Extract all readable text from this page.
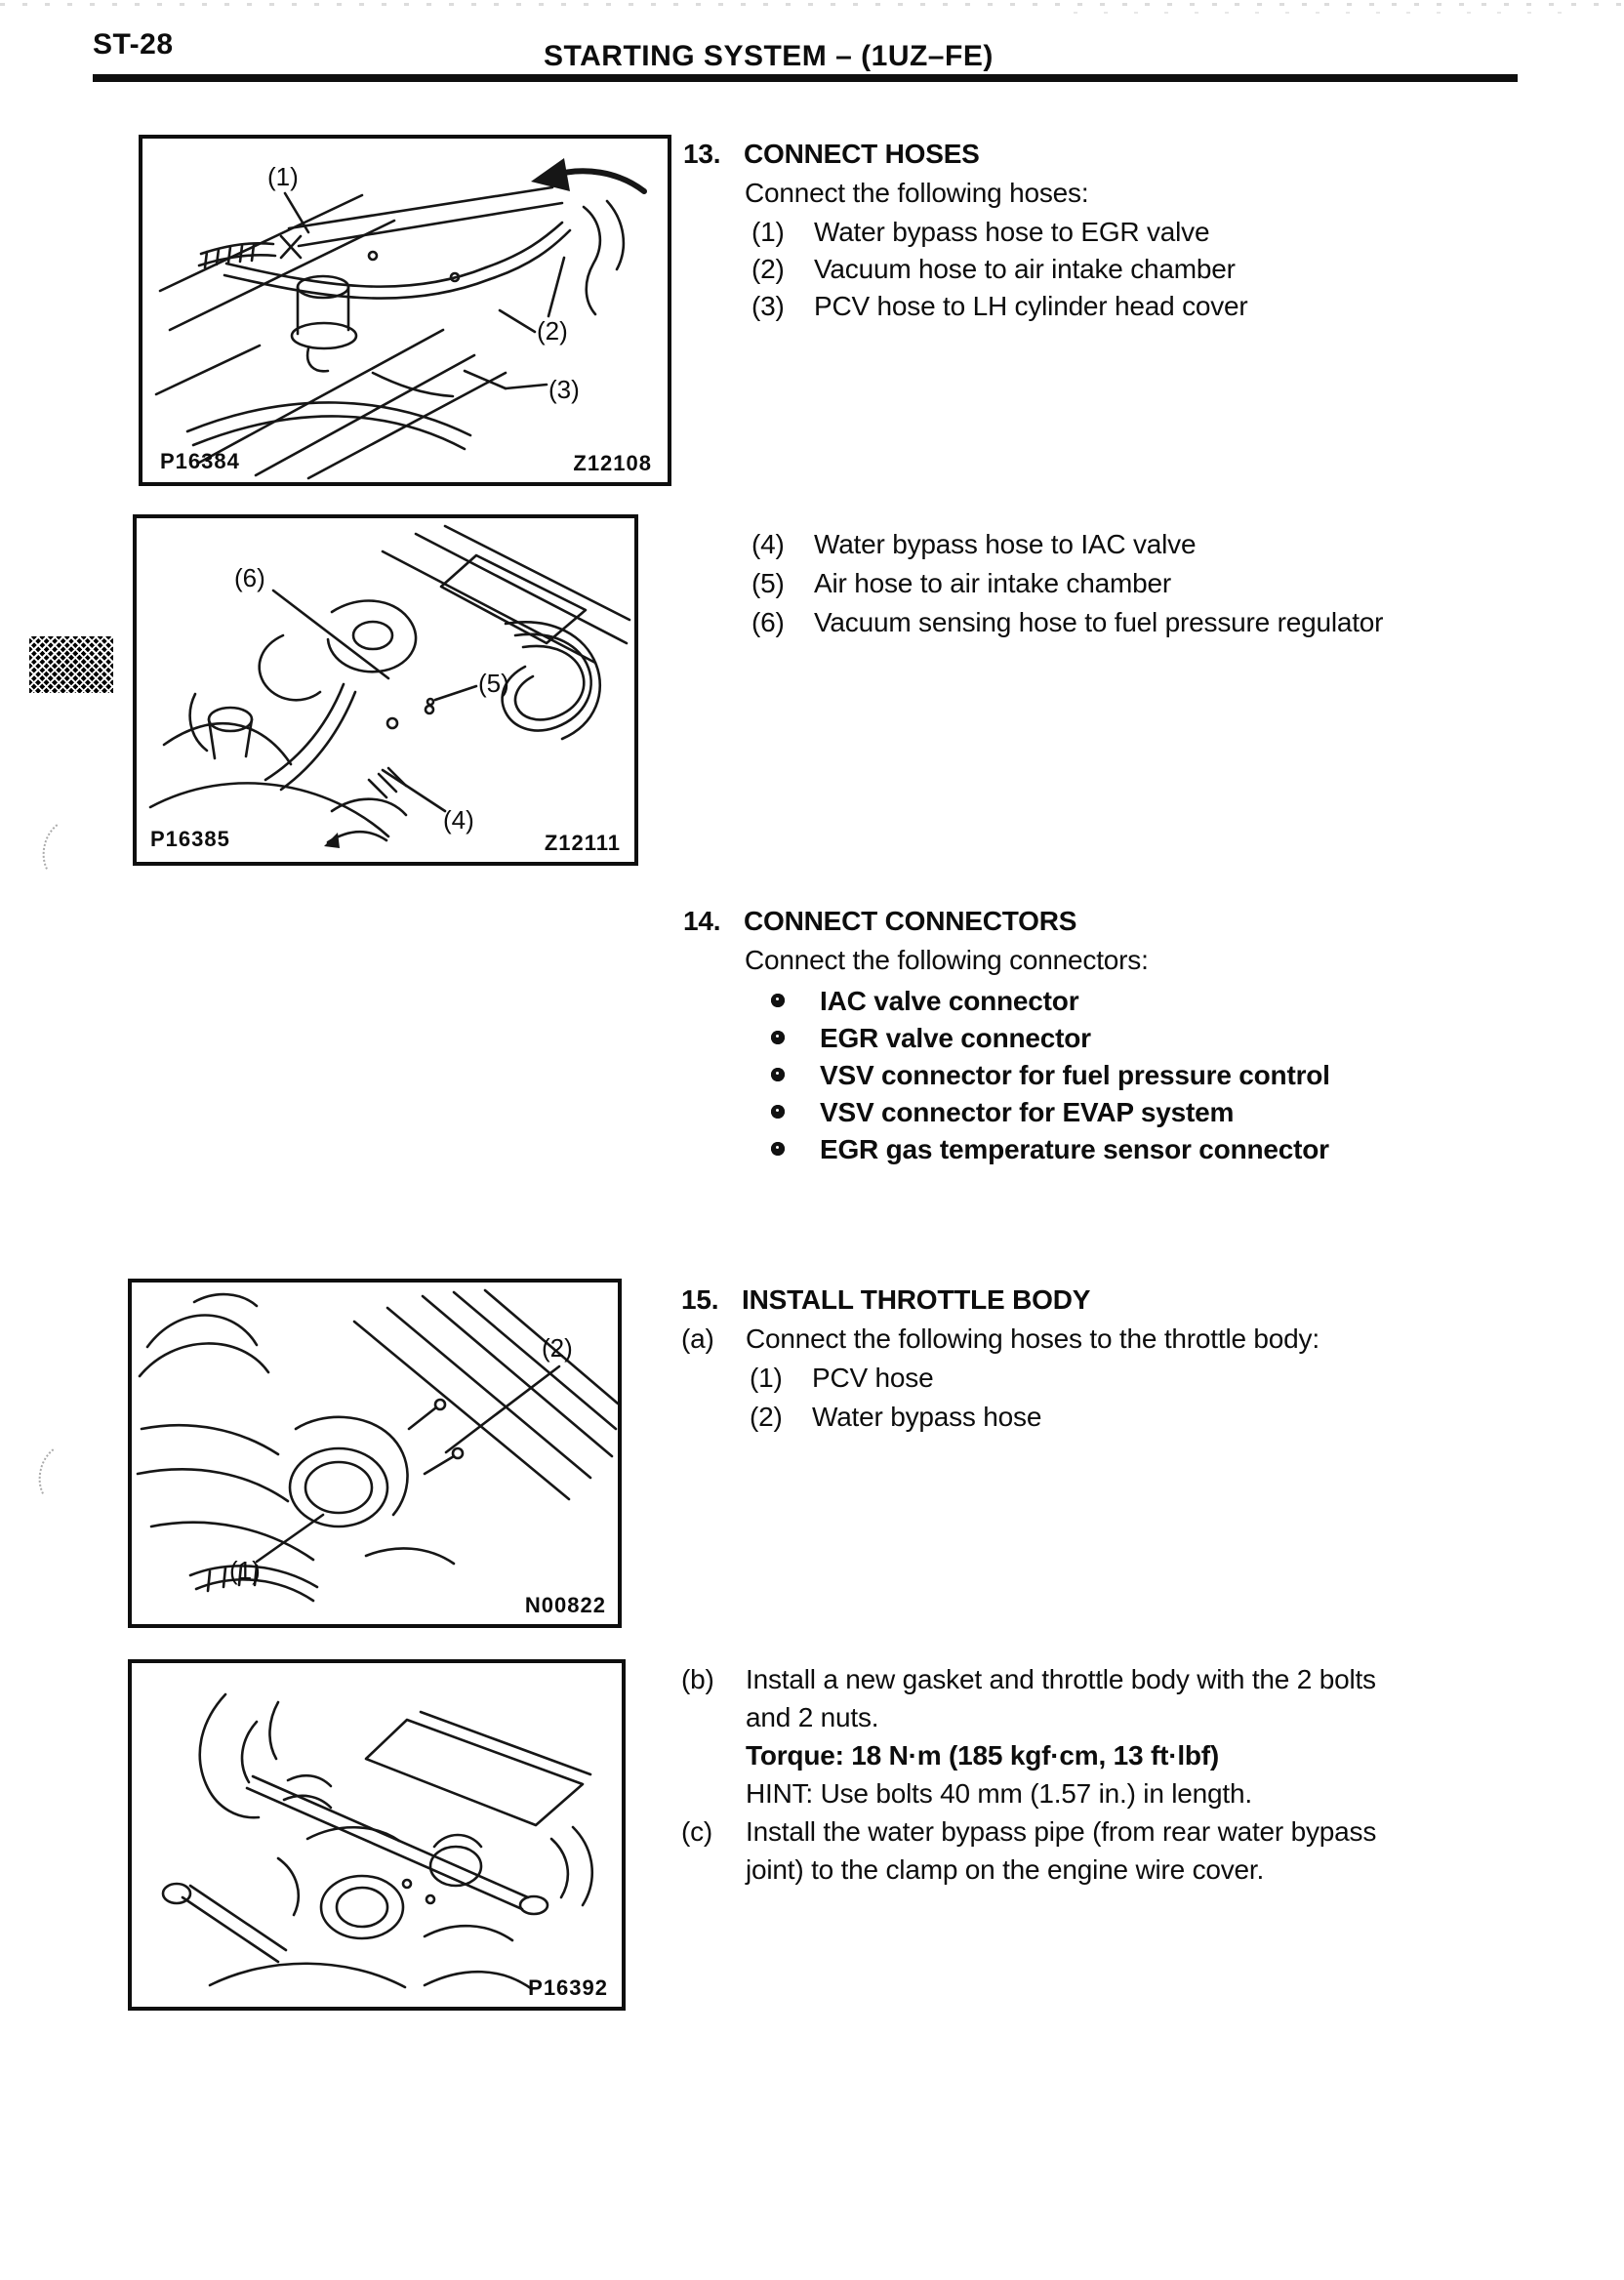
ST-28	STARTING SYSTEM – (1UZ–FE)
(1)
(2)
(3)
P16384	Z12108
(6)
(5)
(4)
P16385	Z12111
(2)
(1)
N00822
P16392
13. CONNECT HOSES
Connect the following hoses:
(1) Water bypass hose to EGR valve
(2) Vacuum hose to air intake chamber
(3) PCV hose to LH cylinder head cover
(4) Water bypass hose to IAC valve
(5) Air hose to air intake chamber
(6) Vacuum sensing hose to fuel pressure regulator
14. CONNECT CONNECTORS
Connect the following connectors:
IAC valve connector
EGR valve connector
VSV connector for fuel pressure control
VSV connector for EVAP system
EGR gas temperature sensor connector
15. INSTALL THROTTLE BODY
(a) Connect the following hoses to the throttle body:
(1) PCV hose
(2) Water bypass hose
(b) Install a new gasket and throttle body with the 2 bolts
and 2 nuts.
Torque: 18 N·m (185 kgf·cm, 13 ft·lbf)
HINT: Use bolts 40 mm (1.57 in.) in length.
(c) Install the water bypass pipe (from rear water bypass
joint) to the clamp on the engine wire cover.
